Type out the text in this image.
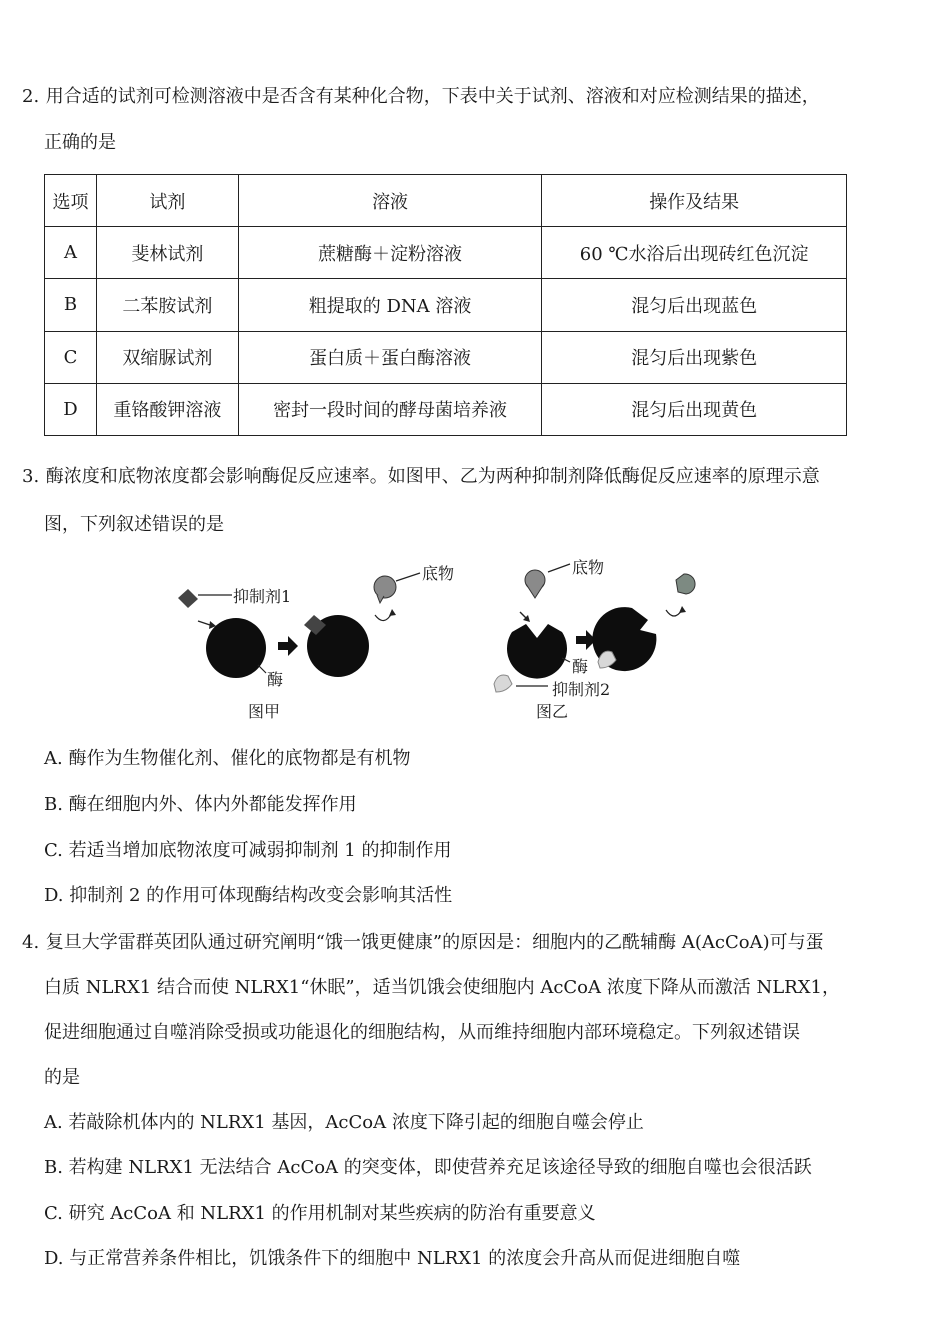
2. 用合适的试剂可检测溶液中是否含有某种化合物，下表中关于试剂、溶液和对应检测结果的描述，
正确的是
选项	试剂	溶液	操作及结果
A	斐林试剂	蔗糖酶＋淀粉溶液	60 ℃水浴后出现砖红色沉淀
B	二苯胺试剂	粗提取的 DNA 溶液	混匀后出现蓝色
C	双缩脲试剂	蛋白质＋蛋白酶溶液	混匀后出现紫色
D	重铬酸钾溶液	密封一段时间的酵母菌培养液	混匀后出现黄色
3. 酶浓度和底物浓度都会影响酶促反应速率。如图甲、乙为两种抑制剂降低酶促反应速率的原理示意
图，下列叙述错误的是
抑制剂1
底物
酶
图甲
底物
酶
抑制剂2
图乙
A. 酶作为生物催化剂、催化的底物都是有机物
B. 酶在细胞内外、体内外都能发挥作用
C. 若适当增加底物浓度可减弱抑制剂 1 的抑制作用
D. 抑制剂 2 的作用可体现酶结构改变会影响其活性
4. 复旦大学雷群英团队通过研究阐明“饿一饿更健康”的原因是：细胞内的乙酰辅酶 A(AcCoA)可与蛋
白质 NLRX1 结合而使 NLRX1“休眠”，适当饥饿会使细胞内 AcCoA 浓度下降从而激活 NLRX1，
促进细胞通过自噬消除受损或功能退化的细胞结构，从而维持细胞内部环境稳定。下列叙述错误
的是
A. 若敲除机体内的 NLRX1 基因，AcCoA 浓度下降引起的细胞自噬会停止
B. 若构建 NLRX1 无法结合 AcCoA 的突变体，即使营养充足该途径导致的细胞自噬也会很活跃
C. 研究 AcCoA 和 NLRX1 的作用机制对某些疾病的防治有重要意义
D. 与正常营养条件相比，饥饿条件下的细胞中 NLRX1 的浓度会升高从而促进细胞自噬
